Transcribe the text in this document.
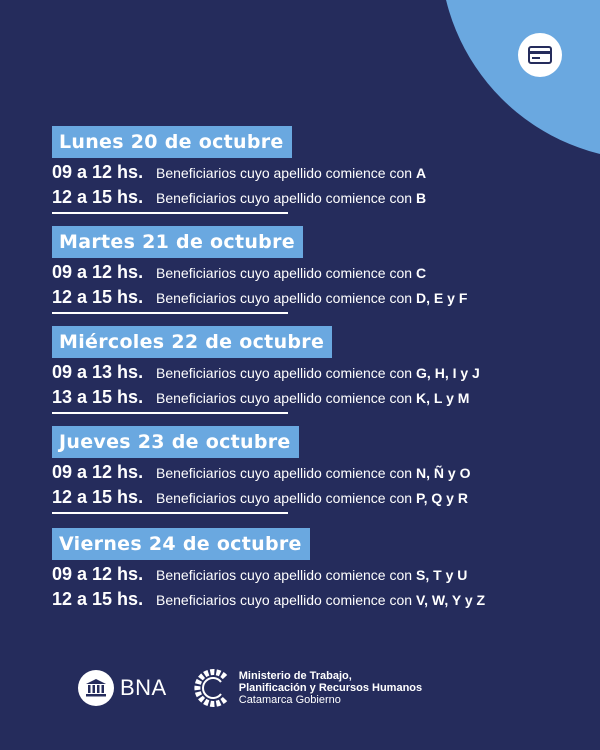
Lunes 20 de octubre
09 a 12 hs. Beneficiarios cuyo apellido comience con A
12 a 15 hs. Beneficiarios cuyo apellido comience con B
Martes 21 de octubre
09 a 12 hs. Beneficiarios cuyo apellido comience con C
12 a 15 hs. Beneficiarios cuyo apellido comience con D, E y F
Miércoles 22 de octubre
09 a 13 hs. Beneficiarios cuyo apellido comience con G, H, I y J
13 a 15 hs. Beneficiarios cuyo apellido comience con K, L y M
Jueves 23 de octubre
09 a 12 hs. Beneficiarios cuyo apellido comience con N, Ñ y O
12 a 15 hs. Beneficiarios cuyo apellido comience con P, Q y R
Viernes 24 de octubre
09 a 12 hs. Beneficiarios cuyo apellido comience con S, T y U
12 a 15 hs. Beneficiarios cuyo apellido comience con V, W, Y y Z
BNA	Ministerio de Trabajo,
Planificación y Recursos Humanos
Catamarca Gobierno
